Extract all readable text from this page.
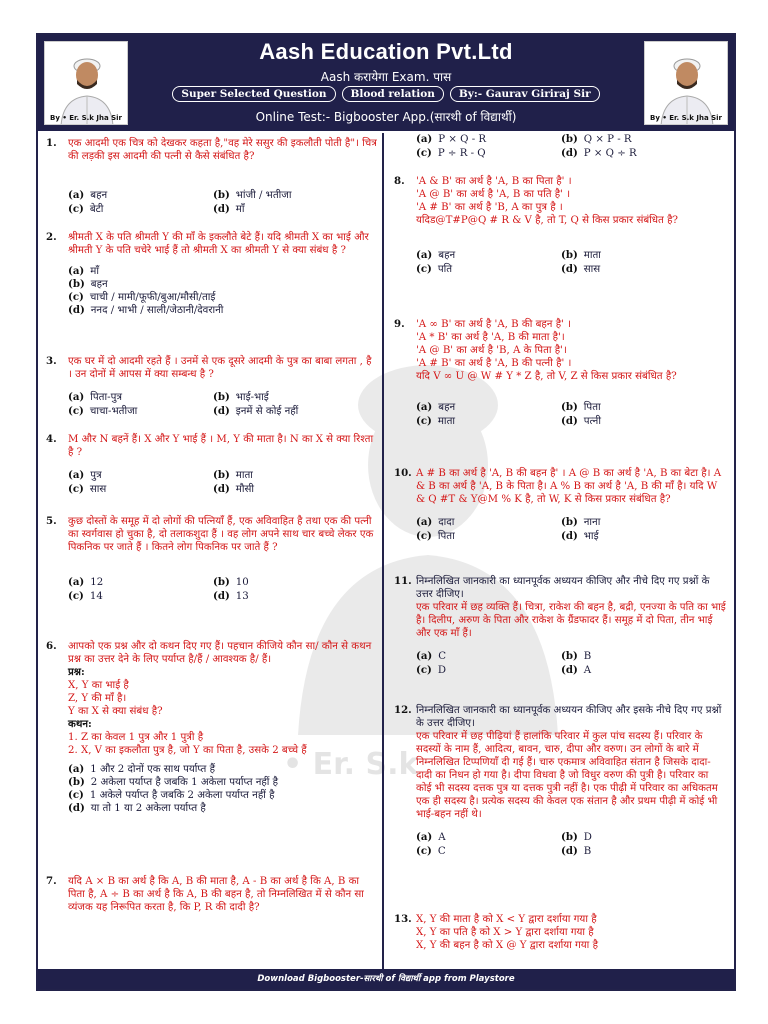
By • Er. S.k Jha Sir
Aash Education Pvt.Ltd
Aash करायेगा Exam. पास
Super Selected Question	Blood relation	By:- Gaurav Giriraj Sir
Online Test:- Bigbooster App.(सारथी of विद्यार्थी)	By • Er. S.k Jha Sir
• Er. S.k
1. एक आदमी एक चित्र को देखकर कहता है,"वह मेरे ससुर की इकलौती पोती है"। चित्र की लड़की इस आदमी की पत्नी से कैसे संबंधित है?
(a) बहन	(b) भांजी / भतीजा
(c) बेटी	(d) माँ
2. श्रीमती X के पति श्रीमती Y की माँ के इकलौते बेटे हैं। यदि श्रीमती X का भाई और श्रीमती Y के पति चचेरे भाई हैं तो श्रीमती X का श्रीमती Y से क्या संबंध है ?
(a) माँ
(b) बहन
(c) चाची / मामी/फूफी/बुआ/मौसी/ताई
(d) ननद / भाभी / साली/जेठानी/देवरानी
3. एक घर में दो आदमी रहते हैं । उनमें से एक दूसरे आदमी के पुत्र का बाबा लगता , है । उन दोनों में आपस में क्या सम्बन्ध है ?
(a) पिता-पुत्र	(b) भाई-भाई
(c) चाचा-भतीजा	(d) इनमें से कोई नहीं
4. M और N बहनें हैं। X और Y भाई हैं । M, Y की माता है। N का X से क्या रिश्ता है ?
(a) पुत्र	(b) माता
(c) सास	(d) मौसी
5. कुछ दोस्तों के समूह में दो लोगों की पत्नियाँ हैं, एक अविवाहित है तथा एक की पत्नी का स्वर्गवास हो चुका है, दो तलाकशुदा हैं । वह लोग अपने साथ चार बच्चे लेकर एक पिकनिक पर जाते हैं । कितने लोग पिकनिक पर जाते हैं ?
(a) 12	(b) 10
(c) 14	(d) 13
6. आपको एक प्रश्न और दो कथन दिए गए हैं। पहचान कीजिये कौन सा/ कौन से कथन प्रश्न का उत्तर देने के लिए पर्याप्त है/हैं / आवश्यक है/ हैं।
प्रश्न:
X, Y का भाई है
Z, Y की माँ है।
Y का X से क्या संबंध है?
कथन:
1. Z का केवल 1 पुत्र और 1 पुत्री है
2. X, V का इकलौता पुत्र है, जो Y का पिता है, उसके 2 बच्चे हैं
(a) 1 और 2 दोनों एक साथ पर्याप्त हैं
(b) 2 अकेला पर्याप्त है जबकि 1 अकेला पर्याप्त नहीं है
(c) 1 अकेले पर्याप्त है जबकि 2 अकेला पर्याप्त नहीं है
(d) या तो 1 या 2 अकेला पर्याप्त है
7. यदि A × B का अर्थ है कि A, B की माता है, A - B का अर्थ है कि A, B का पिता है, A ÷ B का अर्थ है कि A, B की बहन है, तो निम्नलिखित में से कौन सा व्यंजक यह निरूपित करता है, कि P, R की दादी है?
(a) P × Q - R	(b) Q × P - R
(c) P ÷ R - Q	(d) P × Q ÷ R
8. 'A & B' का अर्थ है 'A, B का पिता है' ।
'A @ B' का अर्थ है 'A, B का पति है' ।
'A # B' का अर्थ है 'B, A का पुत्र है ।
यदिड@T#P@Q # R & V है, तो T, Q से किस प्रकार संबंधित है?
(a) बहन	(b) माता
(c) पति	(d) सास
9. 'A ∞ B' का अर्थ है 'A, B की बहन है' ।
'A * B' का अर्थ है 'A, B की माता है'।
'A @ B' का अर्थ है 'B, A के पिता है'।
'A # B' का अर्थ है 'A, B की पत्नी है' ।
यदि V ∞ U @ W # Y * Z है, तो V, Z से किस प्रकार संबंधित है?
(a) बहन	(b) पिता
(c) माता	(d) पत्नी
10. A # B का अर्थ है 'A, B की बहन है' । A @ B का अर्थ है 'A, B का बेटा है। A & B का अर्थ है 'A, B के पिता है। A % B का अर्थ है 'A, B की माँ है। यदि W & Q #T & Y@M % K है, तो W, K से किस प्रकार संबंधित है?
(a) दादा	(b) नाना
(c) पिता	(d) भाई
11. निम्नलिखित जानकारी का ध्यानपूर्वक अध्ययन कीजिए और नीचे दिए गए प्रश्नों के उत्तर दीजिए।
एक परिवार में छह व्यक्ति हैं। चित्रा, राकेश की बहन है, बद्री, एनज्या के पति का भाई है। दिलीप, अरुण के पिता और राकेश के ग्रैंडफादर हैं। समूह में दो पिता, तीन भाई और एक माँ हैं।
(a) C	(b) B
(c) D	(d) A
12. निम्नलिखित जानकारी का ध्यानपूर्वक अध्ययन कीजिए और इसके नीचे दिए गए प्रश्नों के उत्तर दीजिए।
एक परिवार में छह पीढ़ियां हैं हालांकि परिवार में कुल पांच सदस्य हैं। परिवार के सदस्यों के नाम हैं, आदित्य, बावन, चारु, दीपा और वरुण। उन लोगों के बारे में निम्नलिखित टिप्पणियाँ दी गई हैं। चारु एकमात्र अविवाहित संतान है जिसके दादा-दादी का निधन हो गया है। दीपा विधवा है जो विधुर वरुण की पुत्री है। परिवार का कोई भी सदस्य दत्तक पुत्र या दत्तक पुत्री नहीं है। एक पीढ़ी में परिवार का अधिकतम एक ही सदस्य है। प्रत्येक सदस्य की केवल एक संतान है और प्रथम पीढ़ी में कोई भी भाई-बहन नहीं थे।
(a) A	(b) D
(c) C	(d) B
13. X, Y की माता है को X < Y द्वारा दर्शाया गया है
X, Y का पति है को X > Y द्वारा दर्शाया गया है
X, Y की बहन है को X @ Y द्वारा दर्शाया गया है
Download Bigbooster-सारथी of विद्यार्थी app from Playstore
